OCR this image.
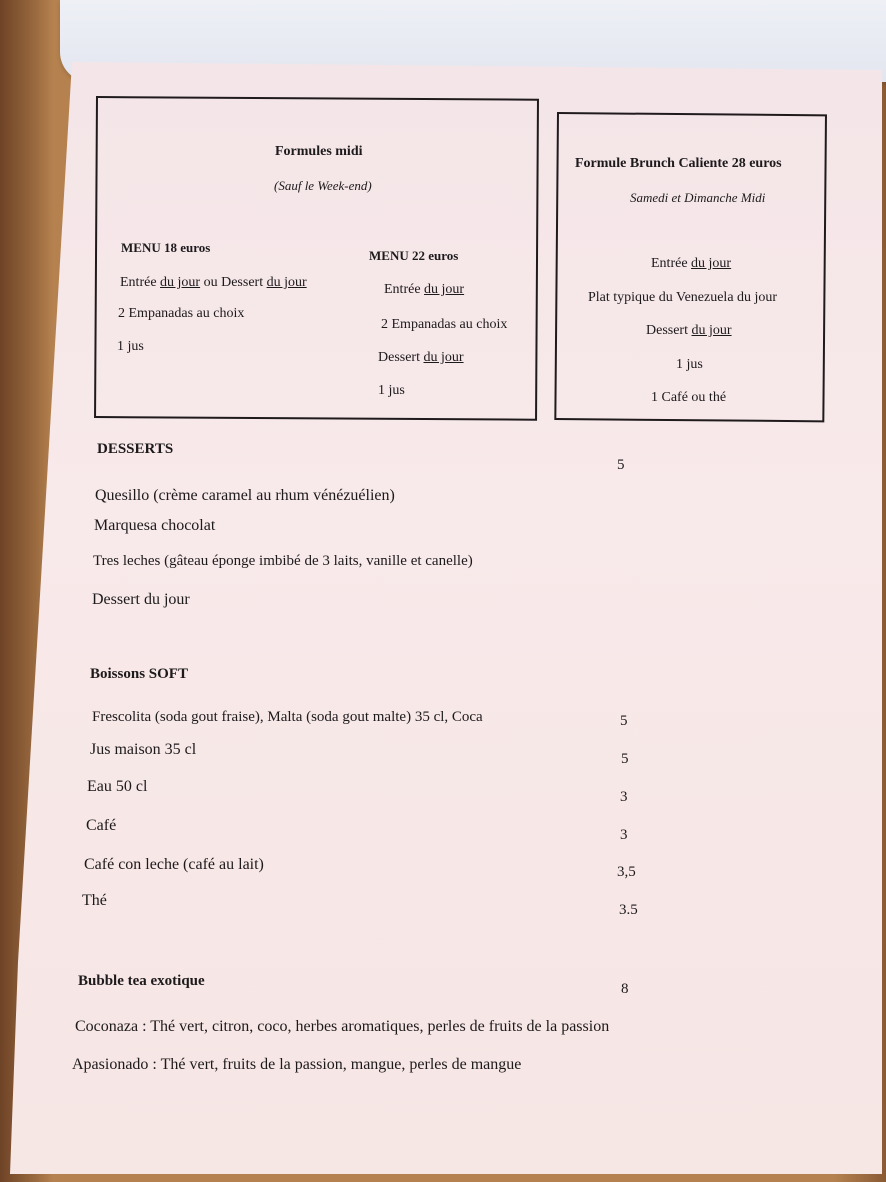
Formules midi
(Sauf le Week-end)
MENU 18 euros
Entrée du jour ou Dessert du jour
2 Empanadas au choix
1 jus
MENU 22 euros
Entrée du jour
2 Empanadas au choix
Dessert du jour
1 jus
Formule Brunch Caliente 28 euros
Samedi et Dimanche Midi
Entrée du jour
Plat typique du Venezuela du jour
Dessert du jour
1 jus
1 Café ou thé
DESSERTS
5
Quesillo (crème caramel au rhum vénézuélien)
Marquesa chocolat
Tres leches (gâteau éponge imbibé de 3 laits, vanille et canelle)
Dessert du jour
Boissons SOFT
Frescolita (soda gout fraise), Malta (soda gout malte) 35 cl, Coca	5
Jus maison 35 cl
5
Eau 50 cl
3
Café
3
Café con leche (café au lait)	3,5
Thé
3.5
Bubble tea exotique	8
Coconaza : Thé vert, citron, coco, herbes aromatiques, perles de fruits de la passion
Apasionado : Thé vert, fruits de la passion, mangue, perles de mangue
